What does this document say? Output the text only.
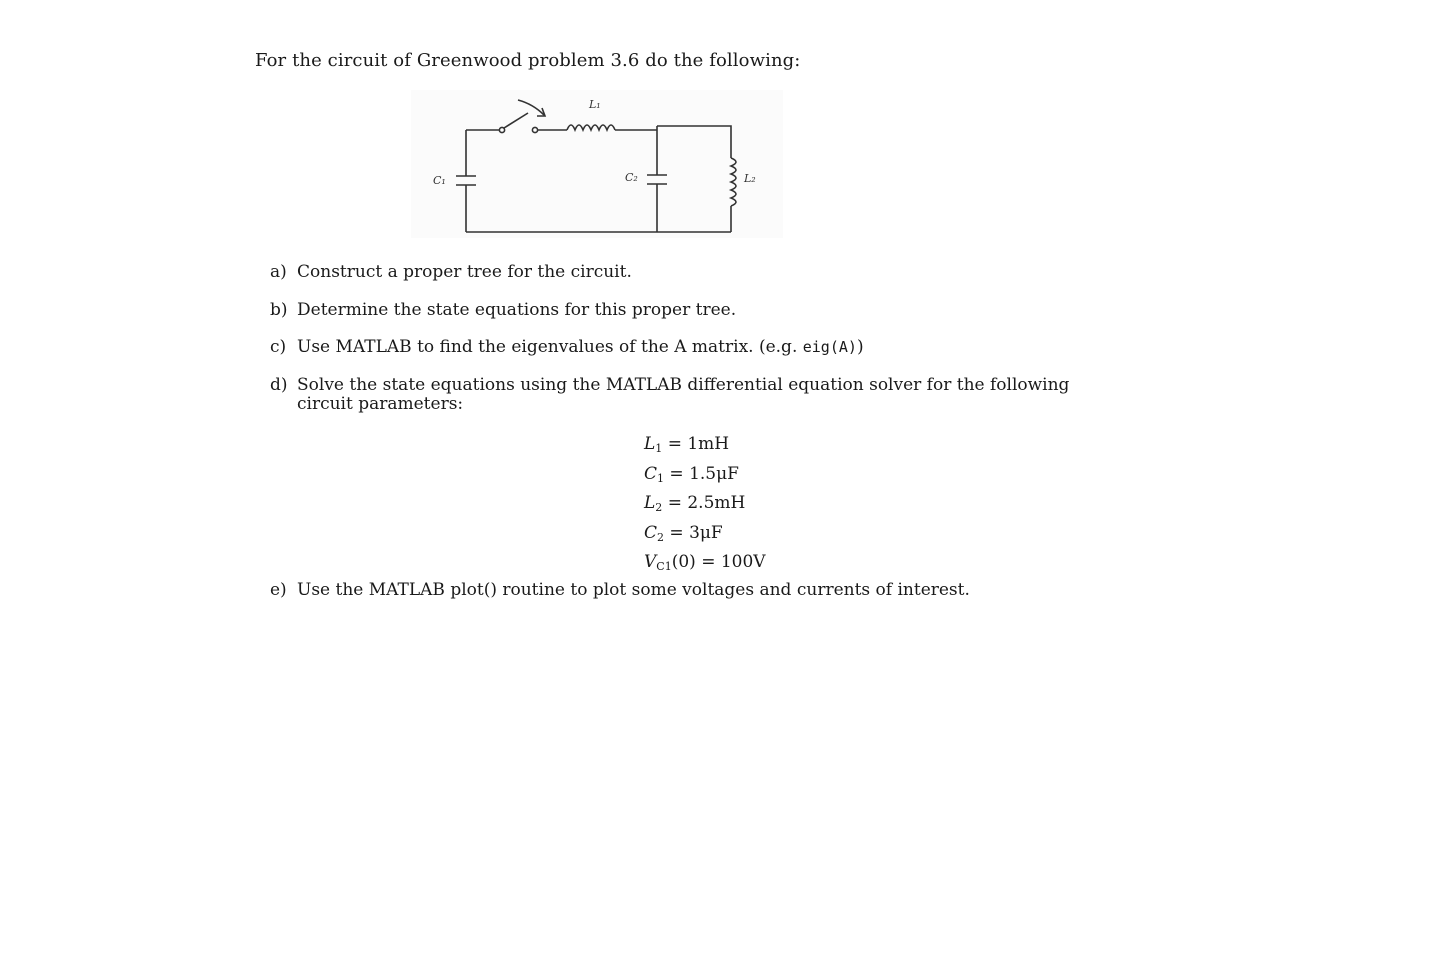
For the circuit of Greenwood problem 3.6 do the following:
L₁
C₁	C₂	L₂
a) Construct a proper tree for the circuit.
b) Determine the state equations for this proper tree.
c) Use MATLAB to find the eigenvalues of the A matrix. (e.g. eig(A))
d) Solve the state equations using the MATLAB differential equation solver for the following
circuit parameters:
$L_1 = 1mH$
$C_1 = 1.5\mu F$
$L_2 = 2.5mH$
$C_2 = 3\mu F$
$V_{C1}(0) = 100V$
e) Use the MATLAB plot() routine to plot some voltages and currents of interest.
